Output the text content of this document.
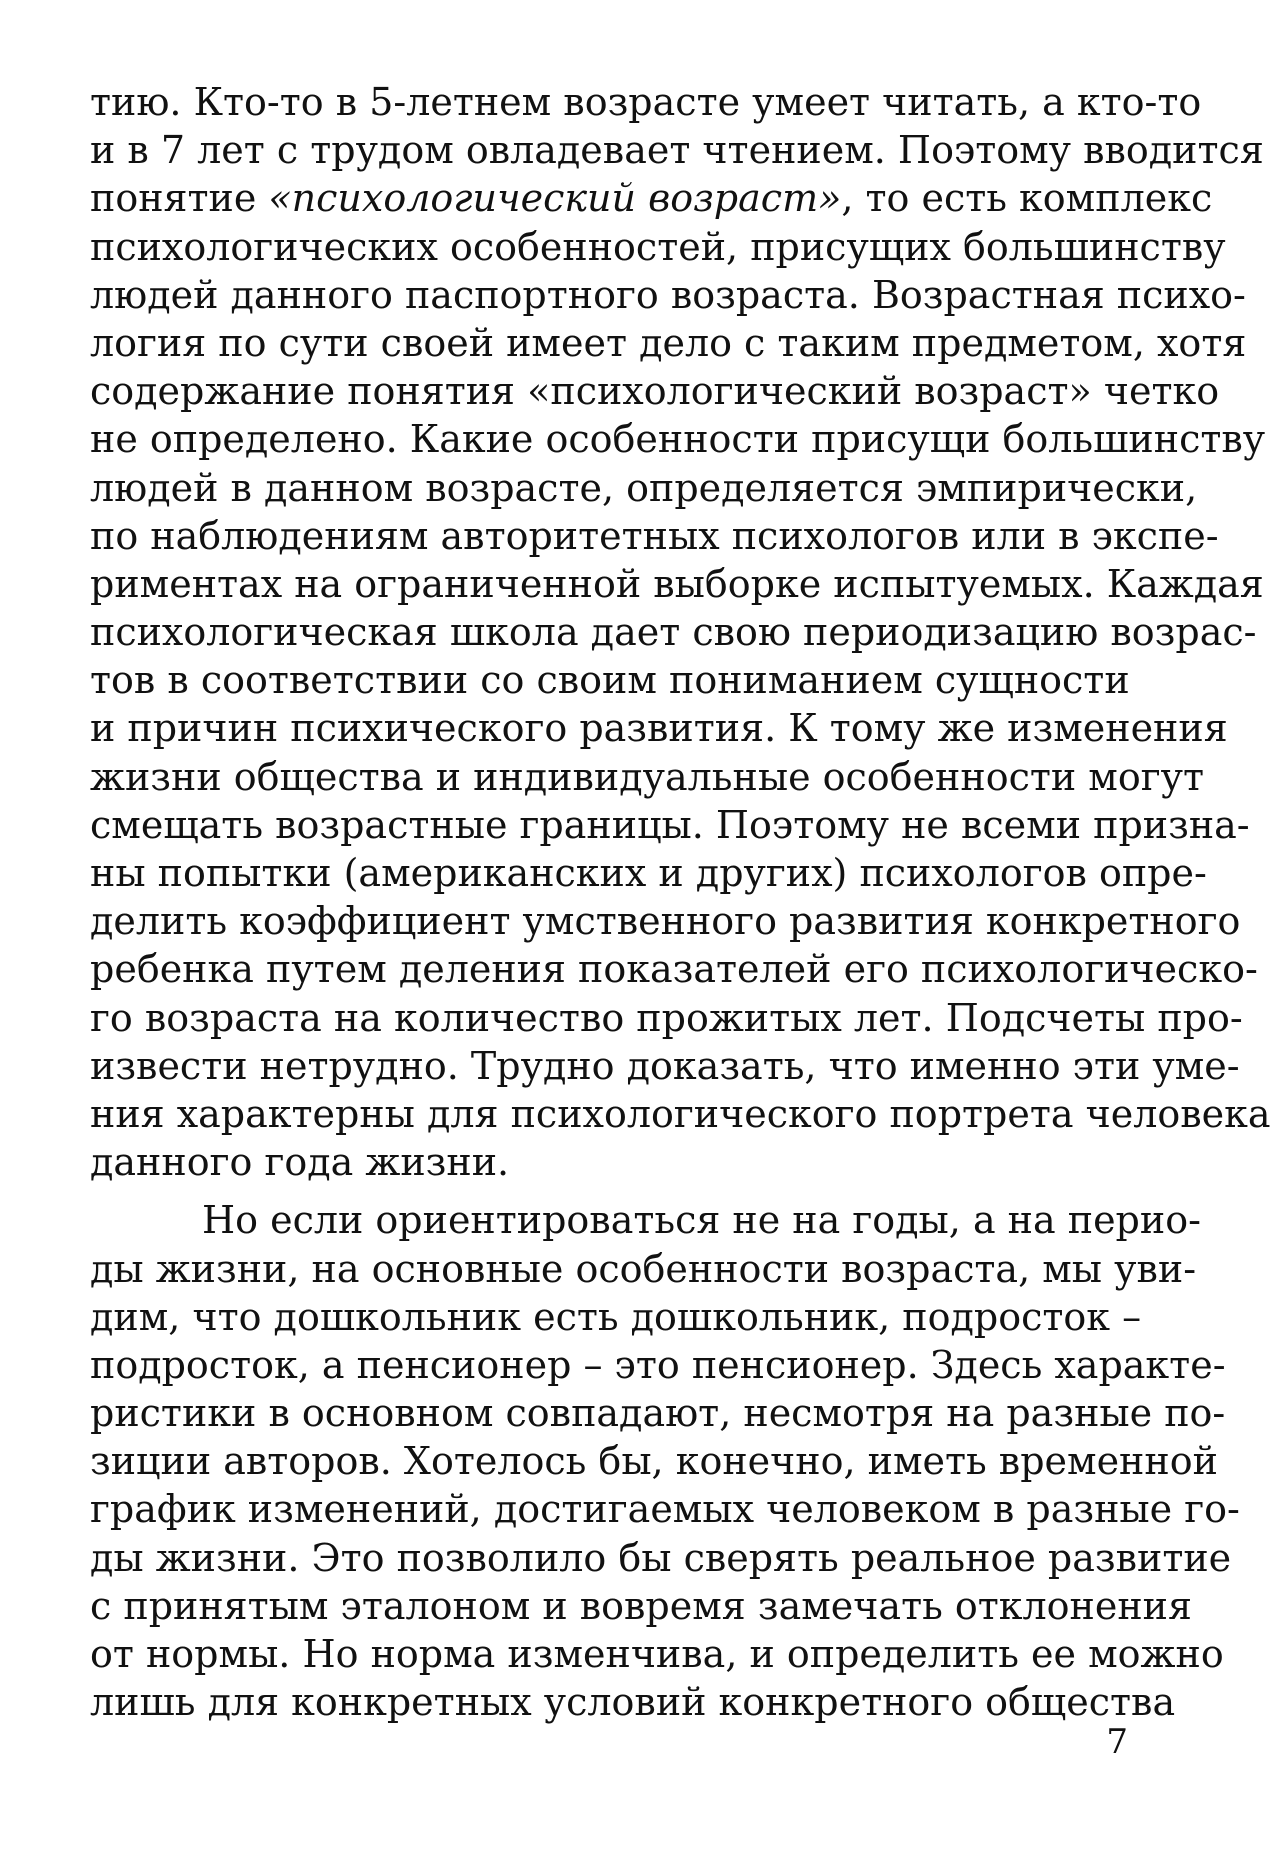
тию. Кто-то в 5-летнем возрасте умеет читать, а кто-то
и в 7 лет с трудом овладевает чтением. Поэтому вводится
понятие «психологический возраст», то есть комплекс
психологических особенностей, присущих большинству
людей данного паспортного возраста. Возрастная психо-
логия по сути своей имеет дело с таким предметом, хотя
содержание понятия «психологический возраст» четко
не определено. Какие особенности присущи большинству
людей в данном возрасте, определяется эмпирически,
по наблюдениям авторитетных психологов или в экспе-
риментах на ограниченной выборке испытуемых. Каждая
психологическая школа дает свою периодизацию возрас-
тов в соответствии со своим пониманием сущности
и причин психического развития. К тому же изменения
жизни общества и индивидуальные особенности могут
смещать возрастные границы. Поэтому не всеми призна-
ны попытки (американских и других) психологов опре-
делить коэффициент умственного развития конкретного
ребенка путем деления показателей его психологическо-
го возраста на количество прожитых лет. Подсчеты про-
извести нетрудно. Трудно доказать, что именно эти уме-
ния характерны для психологического портрета человека
данного года жизни.

Но если ориентироваться не на годы, а на перио-
ды жизни, на основные особенности возраста, мы уви-
дим, что дошкольник есть дошкольник, подросток –
подросток, а пенсионер – это пенсионер. Здесь характе-
ристики в основном совпадают, несмотря на разные по-
зиции авторов. Хотелось бы, конечно, иметь временной
график изменений, достигаемых человеком в разные го-
ды жизни. Это позволило бы сверять реальное развитие
с принятым эталоном и вовремя замечать отклонения
от нормы. Но норма изменчива, и определить ее можно
лишь для конкретных условий конкретного общества

7
